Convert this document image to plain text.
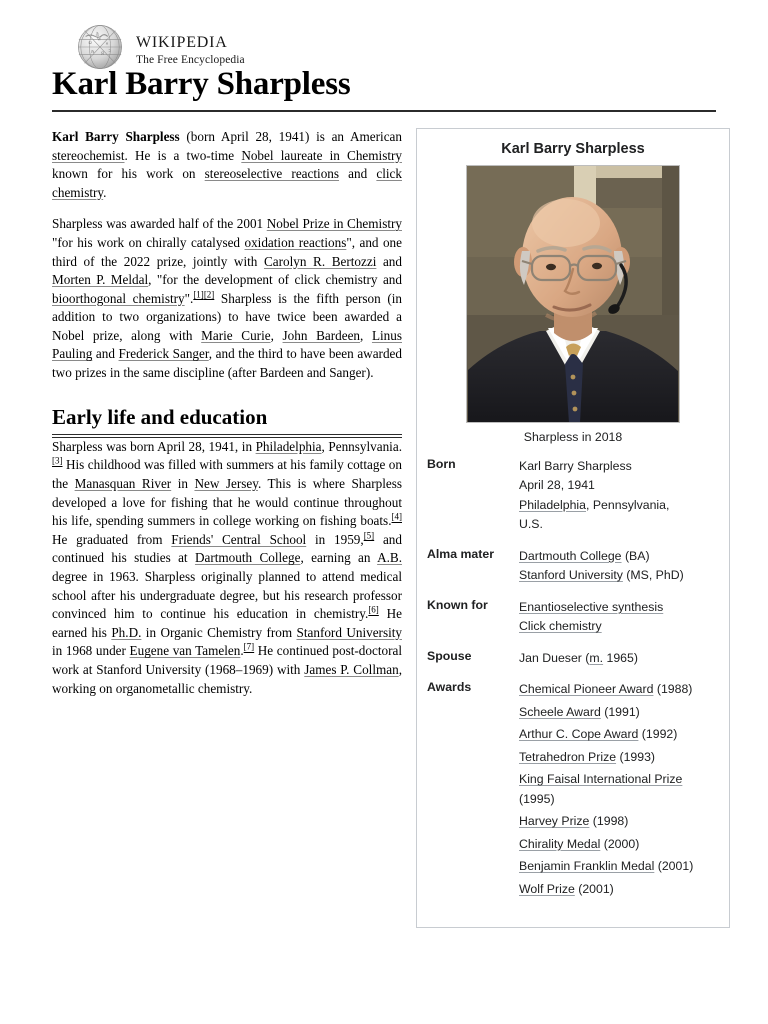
Ω
W
и
ክ Я
ב
あ wikipedia
The Free Encyclopedia
Karl Barry Sharpless

Karl Barry Sharpless (born April 28, 1941) is an American stereochemist. He is a two-time Nobel laureate in Chemistry known for his work on stereoselective reactions and click chemistry.

Sharpless was awarded half of the 2001 Nobel Prize in Chemistry "for his work on chirally catalysed oxidation reactions", and one third of the 2022 prize, jointly with Carolyn R. Bertozzi and Morten P. Meldal, "for the development of click chemistry and bioorthogonal chemistry".[1][2] Sharpless is the fifth person (in addition to two organizations) to have twice been awarded a Nobel prize, along with Marie Curie, John Bardeen, Linus Pauling and Frederick Sanger, and the third to have been awarded two prizes in the same discipline (after Bardeen and Sanger).

Early life and education

Sharpless was born April 28, 1941, in Philadelphia, Pennsylvania.[3] His childhood was filled with summers at his family cottage on the Manasquan River in New Jersey. This is where Sharpless developed a love for fishing that he would continue throughout his life, spending summers in college working on fishing boats.[4] He graduated from Friends' Central School in 1959,[5] and continued his studies at Dartmouth College, earning an A.B. degree in 1963. Sharpless originally planned to attend medical school after his undergraduate degree, but his research professor convinced him to continue his education in chemistry.[6] He earned his Ph.D. in Organic Chemistry from Stanford University in 1968 under Eugene van Tamelen.[7] He continued post-doctoral work at Stanford University (1968–1969) with James P. Collman, working on organometallic chemistry.

Karl Barry Sharpless
Sharpless in 2018
Born	Karl Barry Sharpless
April 28, 1941
Philadelphia, Pennsylvania,
U.S.

Alma mater	Dartmouth College (BA)
Stanford University (MS, PhD)

Known for	Enantioselective synthesis
Click chemistry

Spouse	Jan Dueser (m. 1965)

Awards	Chemical Pioneer Award (1988)
Scheele Award (1991)
Arthur C. Cope Award (1992)
Tetrahedron Prize (1993)
King Faisal International Prize (1995)
Harvey Prize (1998)
Chirality Medal (2000)
Benjamin Franklin Medal (2001)
Wolf Prize (2001)
